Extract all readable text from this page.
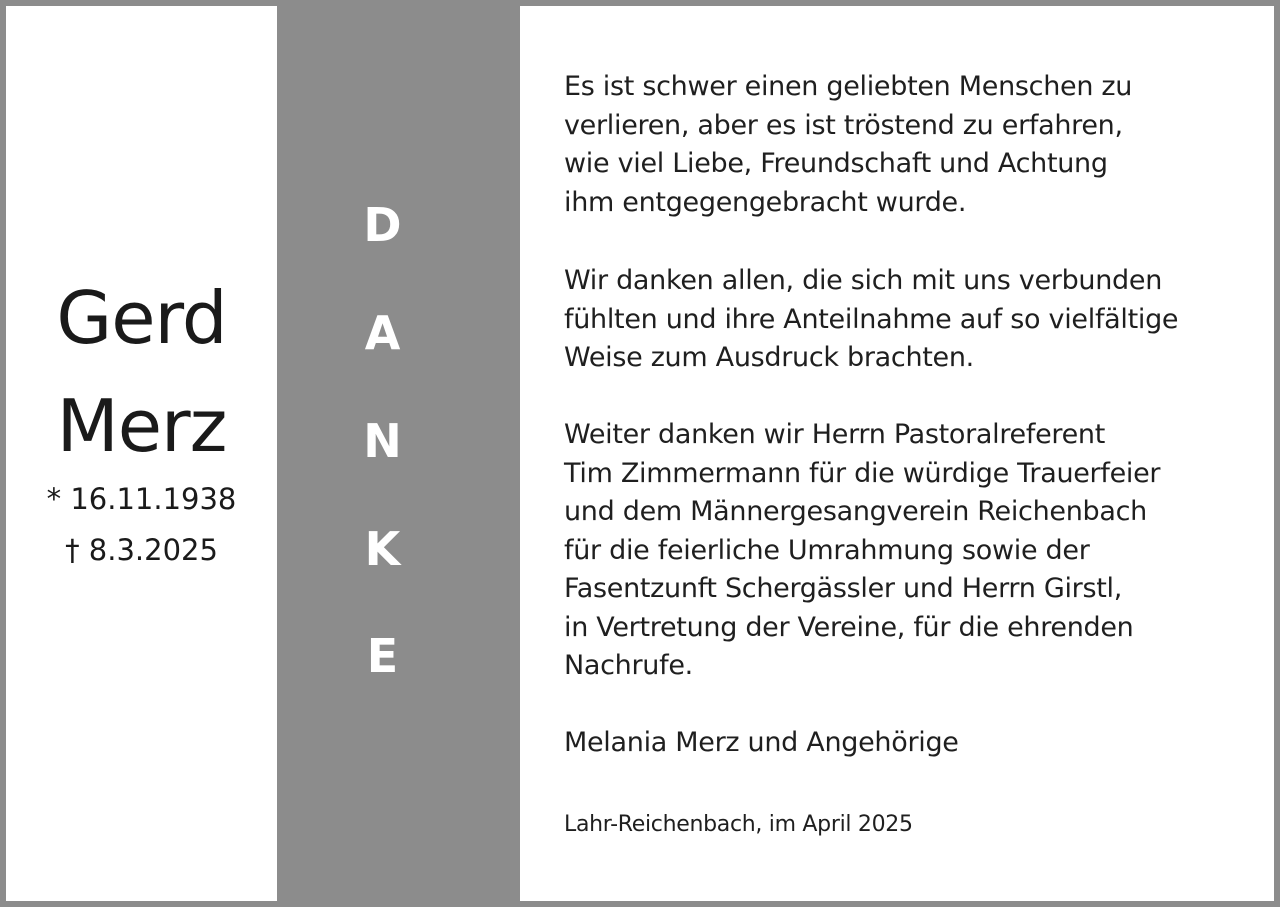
Gerd
Merz
* 16.11.1938
† 8.3.2025
D
A
N
K
E
Es ist schwer einen geliebten Menschen zu
verlieren, aber es ist tröstend zu erfahren,
wie viel Liebe, Freundschaft und Achtung
ihm entgegengebracht wurde.
Wir danken allen, die sich mit uns verbunden
fühlten und ihre Anteilnahme auf so vielfältige
Weise zum Ausdruck brachten.
Weiter danken wir Herrn Pastoralreferent
Tim Zimmermann für die würdige Trauerfeier
und dem Männergesangverein Reichenbach
für die feierliche Umrahmung sowie der
Fasentzunft Schergässler und Herrn Girstl,
in Vertretung der Vereine, für die ehrenden
Nachrufe.
Melania Merz und Angehörige
Lahr-Reichenbach, im April 2025
